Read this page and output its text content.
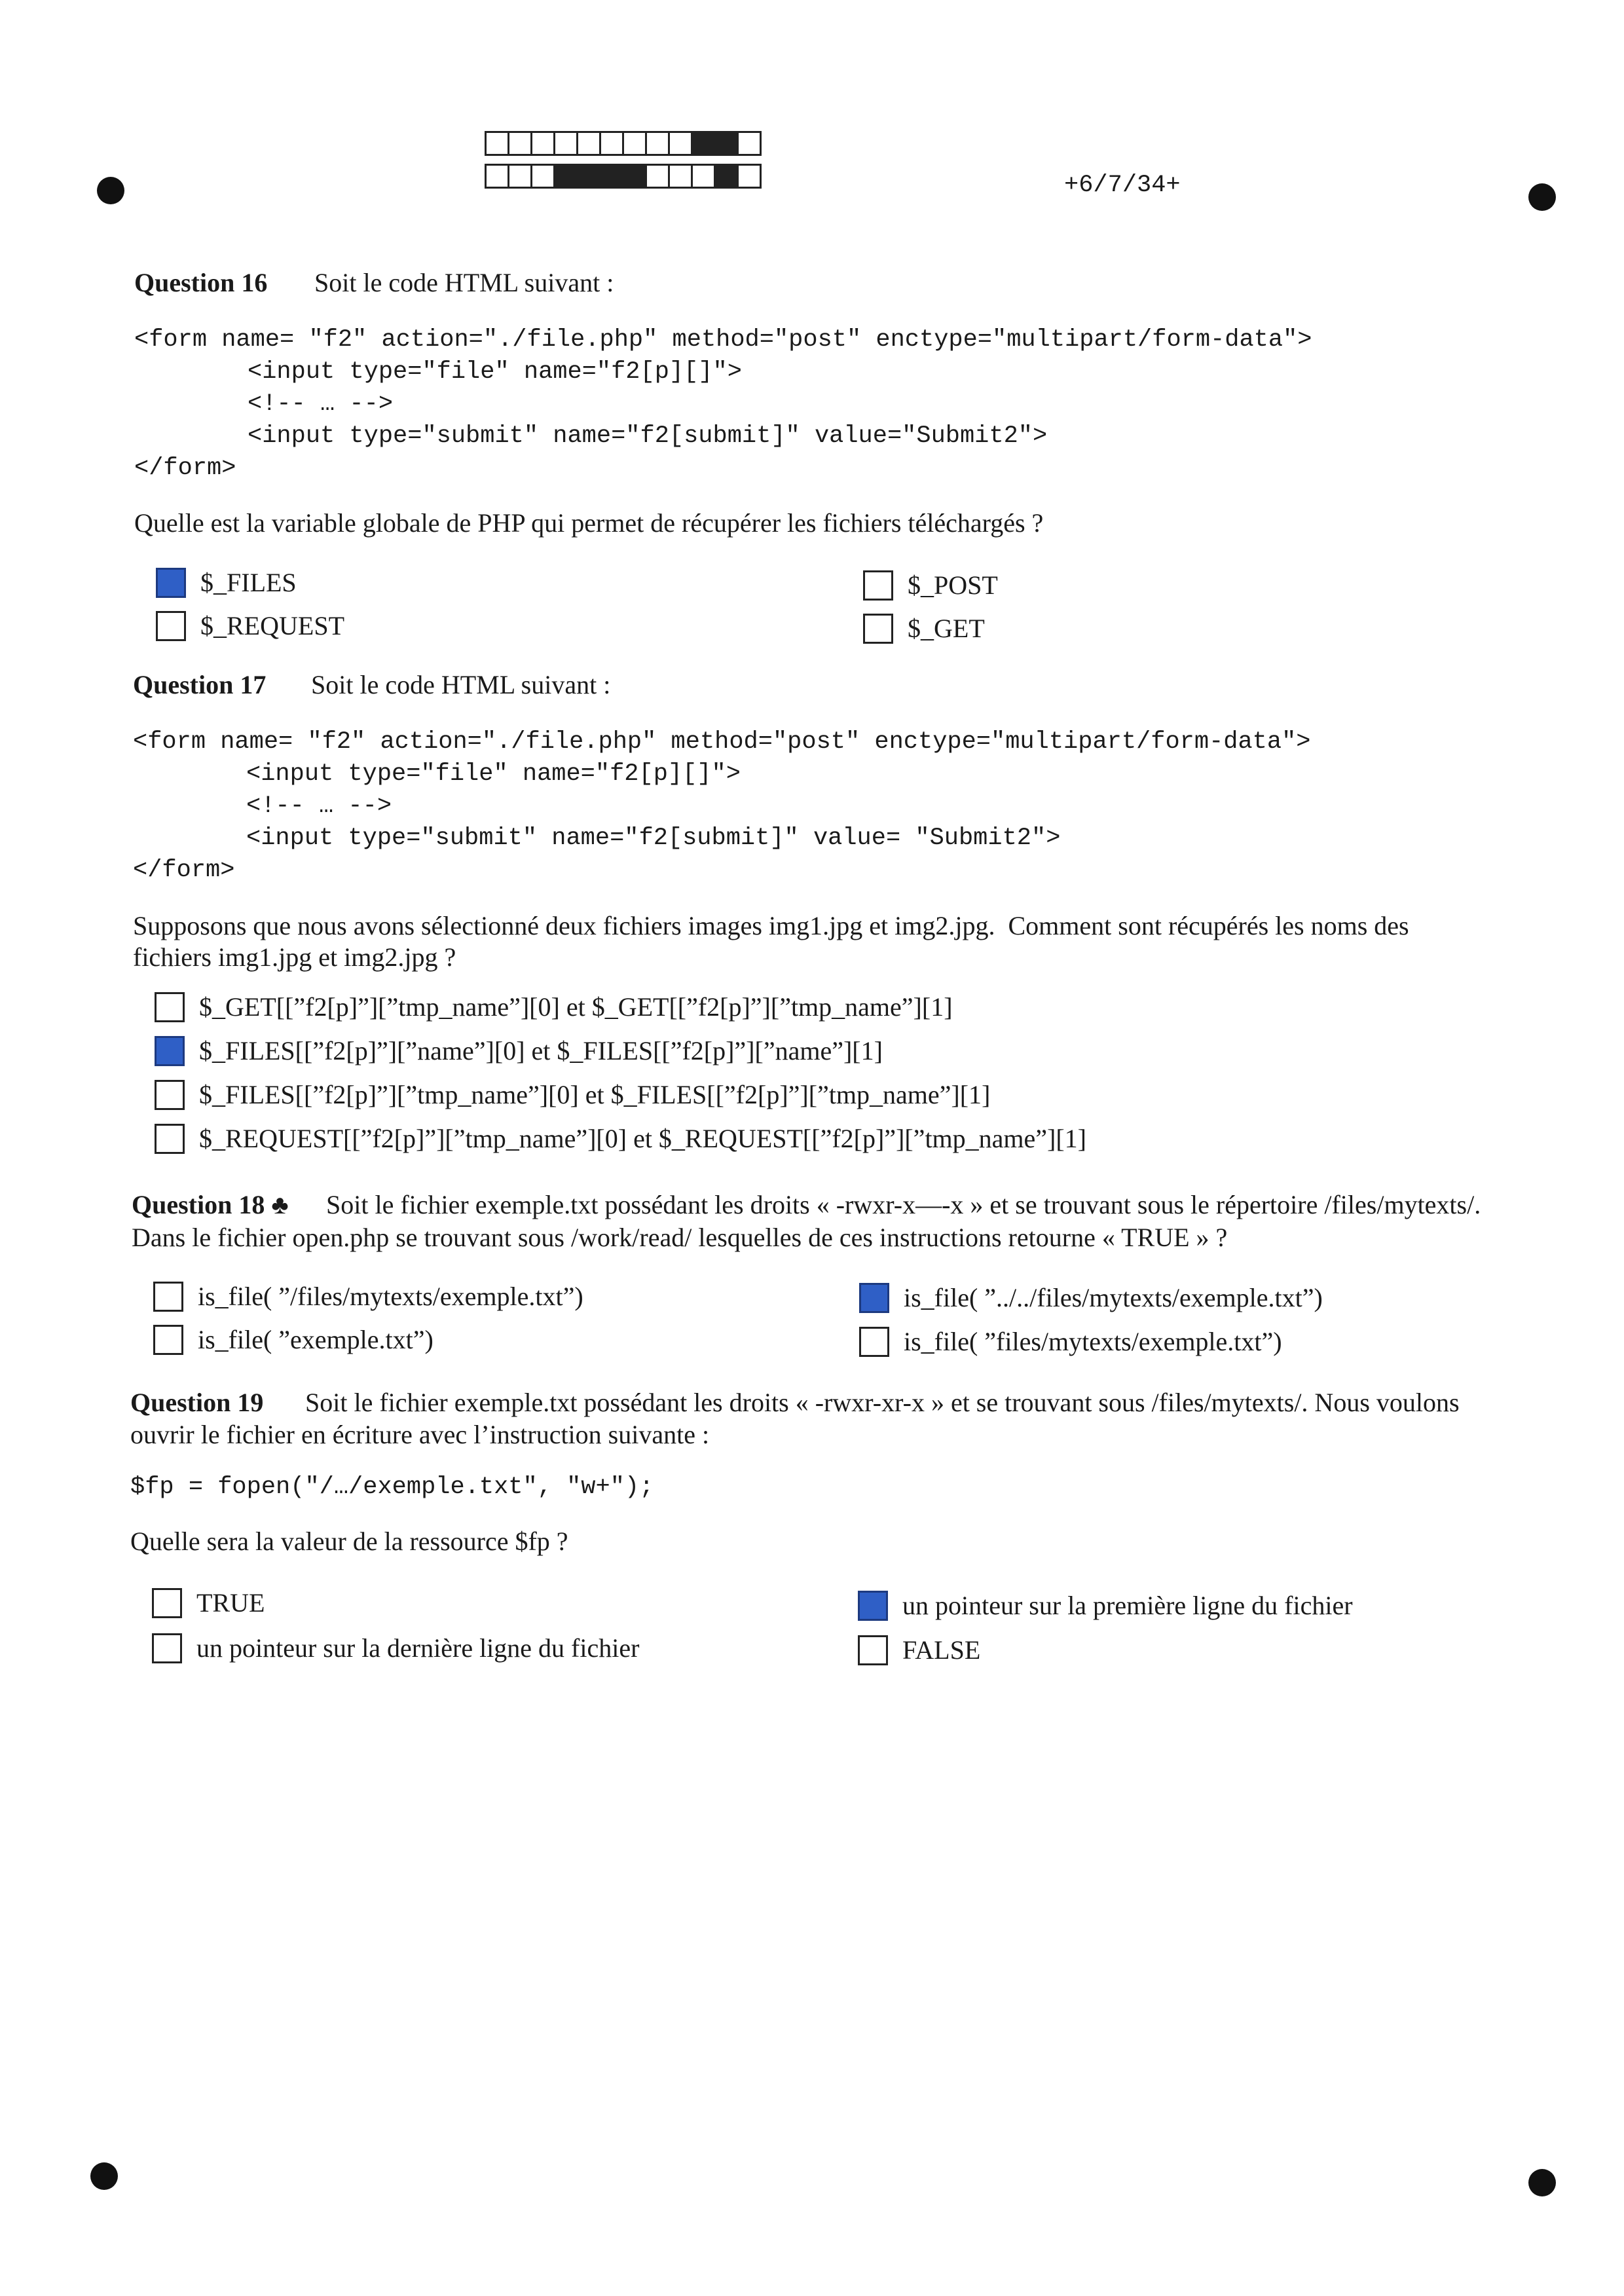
+6/7/34+
Question 16 Soit le code HTML suivant :
<form name= "f2" action="./file.php" method="post" enctype="multipart/form-data">
<input type="file" name="f2[p][]">
<!-- … -->
<input type="submit" name="f2[submit]" value="Submit2">
</form>
Quelle est la variable globale de PHP qui permet de récupérer les fichiers téléchargés ?
$_FILES	$_POST
$_REQUEST	$_GET
Question 17 Soit le code HTML suivant :
<form name= "f2" action="./file.php" method="post" enctype="multipart/form-data">
<input type="file" name="f2[p][]">
<!-- … -->
<input type="submit" name="f2[submit]" value= "Submit2">
</form>
Supposons que nous avons sélectionné deux fichiers images img1.jpg et img2.jpg.  Comment sont récupérés les noms des
fichiers img1.jpg et img2.jpg ?
$_GET[[”f2[p]”][”tmp_name”][0] et $_GET[[”f2[p]”][”tmp_name”][1]
$_FILES[[”f2[p]”][”name”][0] et $_FILES[[”f2[p]”][”name”][1]
$_FILES[[”f2[p]”][”tmp_name”][0] et $_FILES[[”f2[p]”][”tmp_name”][1]
$_REQUEST[[”f2[p]”][”tmp_name”][0] et $_REQUEST[[”f2[p]”][”tmp_name”][1]
Question 18 ♣ Soit le fichier exemple.txt possédant les droits « -rwxr-x—-x » et se trouvant sous le répertoire /files/mytexts/.
Dans le fichier open.php se trouvant sous /work/read/ lesquelles de ces instructions retourne « TRUE » ?
is_file( ”/files/mytexts/exemple.txt”)	is_file( ”../../files/mytexts/exemple.txt”)
is_file( ”exemple.txt”)	is_file( ”files/mytexts/exemple.txt”)
Question 19 Soit le fichier exemple.txt possédant les droits « -rwxr-xr-x » et se trouvant sous /files/mytexts/. Nous voulons
ouvrir le fichier en écriture avec l’instruction suivante :
$fp = fopen("/…/exemple.txt", "w+");
Quelle sera la valeur de la ressource $fp ?
TRUE	un pointeur sur la première ligne du fichier
un pointeur sur la dernière ligne du fichier	FALSE
